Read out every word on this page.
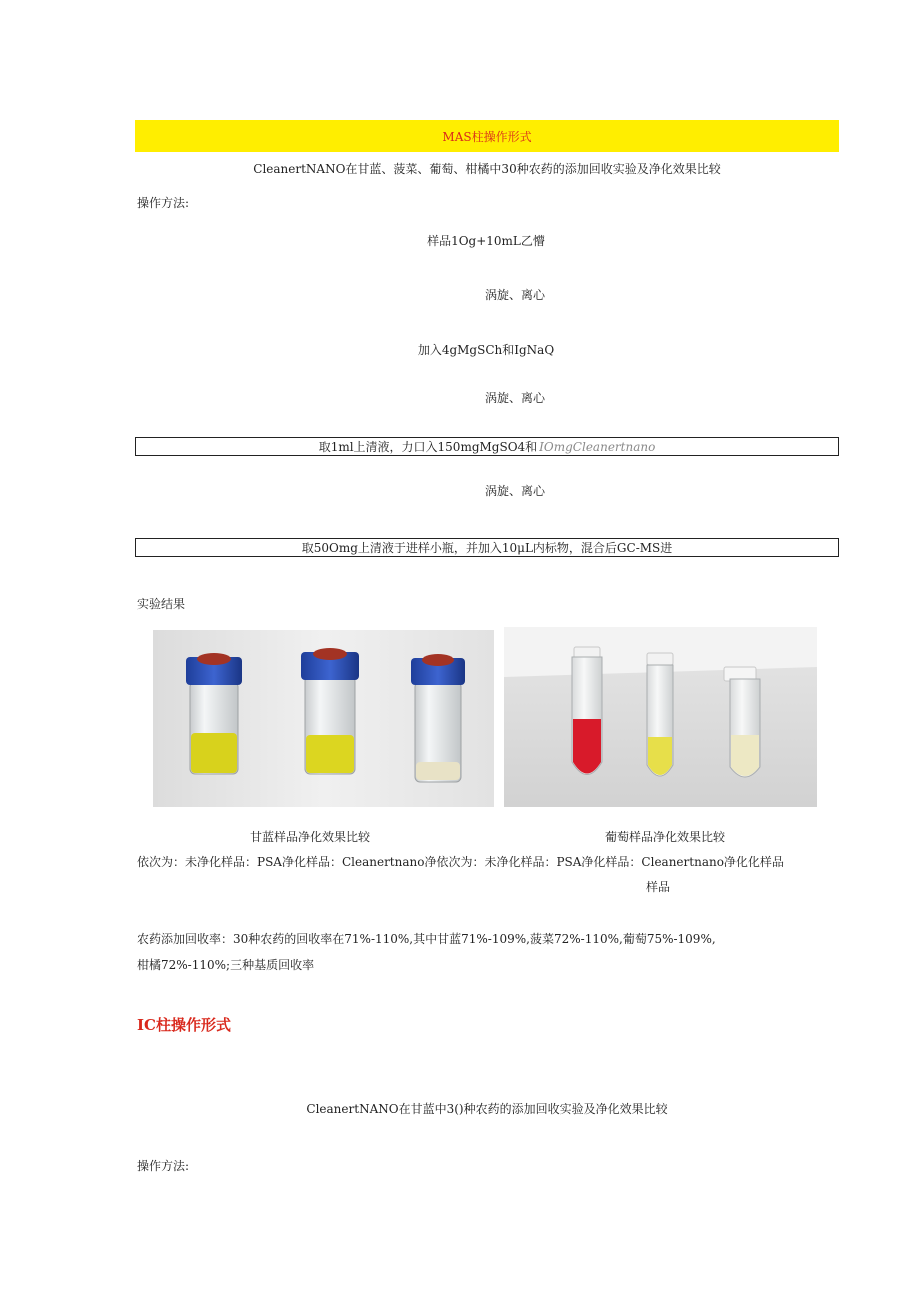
MAS柱操作形式
CleanertNANO在甘蓝、菠菜、葡萄、柑橘中30种农药的添加回收实验及净化效果比较
操作方法:
样品1Og+10mL乙懵
涡旋、离心
加入4gMgSCh和IgNaQ
涡旋、离心
取1ml上清液，力口入150mgMgSO4和 IOmgCleanertnano
涡旋、离心
取50Omg上清液于进样小瓶，并加入10μL内标物，混合后GC-MS进
实验结果
甘蓝样品净化效果比较	葡萄样品净化效果比较
依次为：未净化样品：PSA净化样品：Cleanertnano净依次为：未净化样品：PSA净化样品：Cleanertnano净化化样品
样品
农药添加回收率：30种农药的回收率在71%-110%,其中甘蓝71%-109%,菠菜72%-110%,葡萄75%-109%,
柑橘72%-110%;三种基质回收率
IC柱操作形式
CleanertNANO在甘蓝中3()种农药的添加回收实验及净化效果比较
操作方法:
